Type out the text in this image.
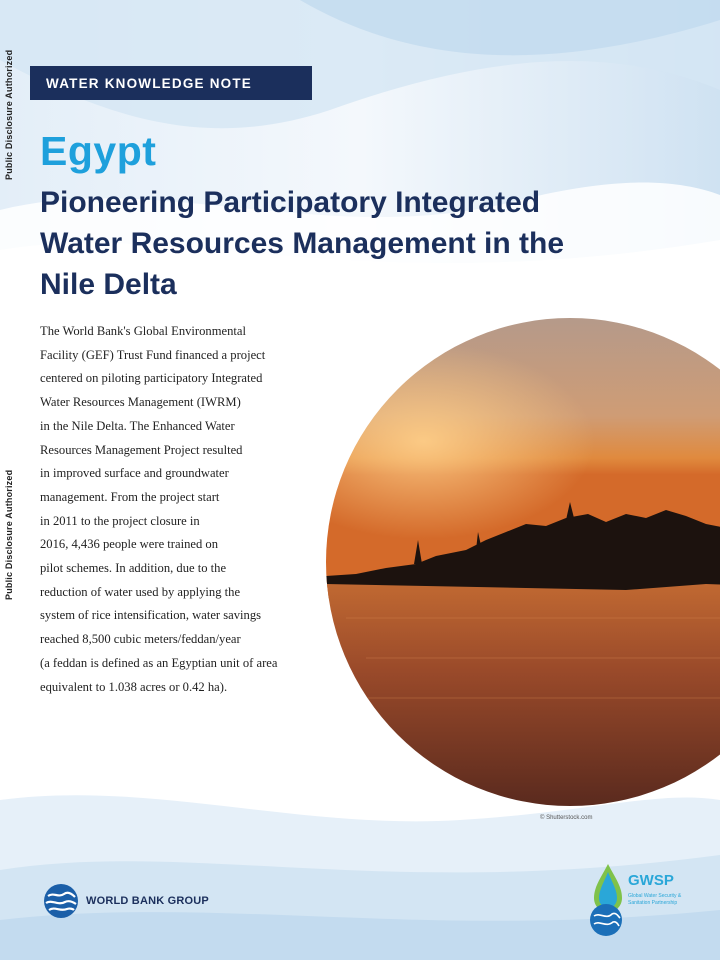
Public Disclosure Authorized
Public Disclosure Authorized
WATER KNOWLEDGE NOTE
Egypt
Pioneering Participatory Integrated
Water Resources Management in the
Nile Delta
The World Bank's Global Environmental
Facility (GEF) Trust Fund financed a project
centered on piloting participatory Integrated
Water Resources Management (IWRM)
in the Nile Delta. The Enhanced Water
Resources Management Project resulted
in improved surface and groundwater
management. From the project start
in 2011 to the project closure in
2016, 4,436 people were trained on
pilot schemes. In addition, due to the
reduction of water used by applying the
system of rice intensification, water savings
reached 8,500 cubic meters/feddan/year
(a feddan is defined as an Egyptian unit of area
equivalent to 1.038 acres or 0.42 ha).
© Shutterstock.com
WORLD BANK GROUP
GWSP
Global Water Security & Sanitation Partnership
